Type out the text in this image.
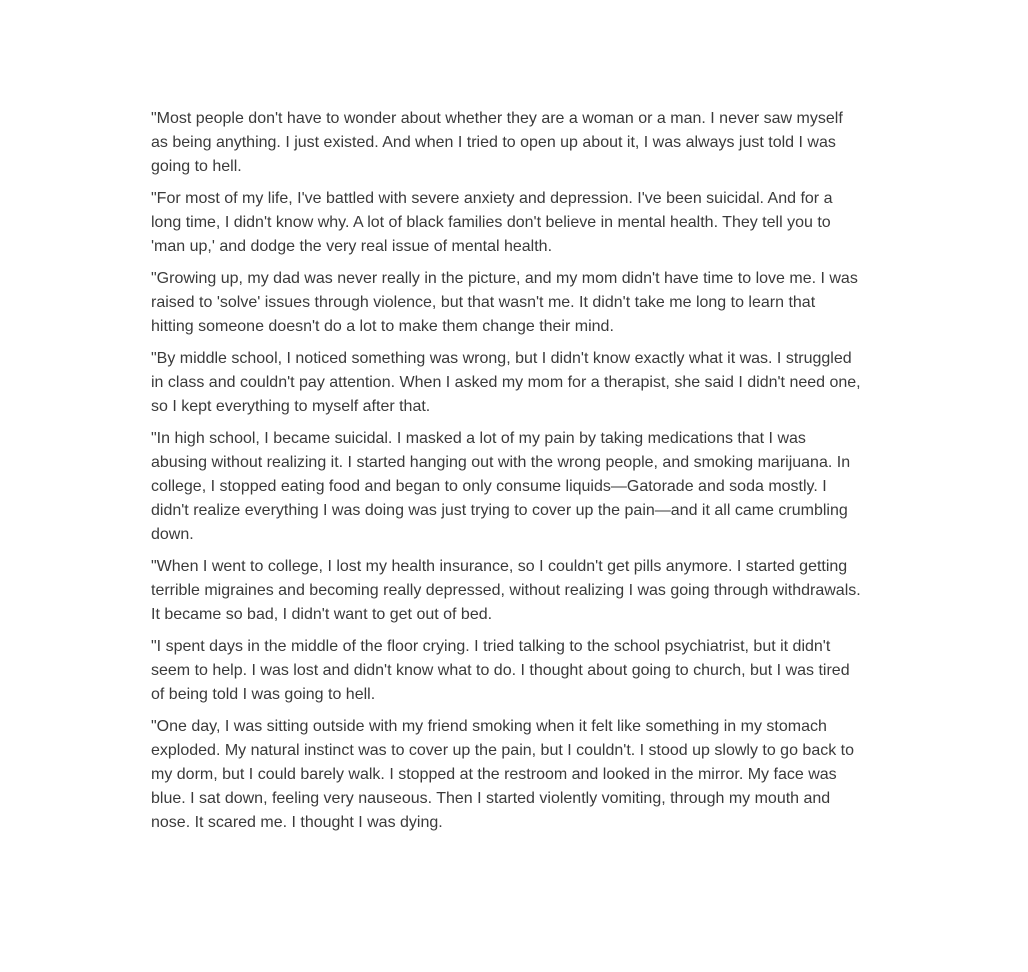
"Most people don't have to wonder about whether they are a woman or a man. I never saw myself as being anything. I just existed. And when I tried to open up about it, I was always just told I was going to hell.

"For most of my life, I've battled with severe anxiety and depression. I've been suicidal. And for a long time, I didn't know why. A lot of black families don't believe in mental health. They tell you to 'man up,' and dodge the very real issue of mental health.

"Growing up, my dad was never really in the picture, and my mom didn't have time to love me. I was raised to 'solve' issues through violence, but that wasn't me. It didn't take me long to learn that hitting someone doesn't do a lot to make them change their mind.

"By middle school, I noticed something was wrong, but I didn't know exactly what it was. I struggled in class and couldn't pay attention. When I asked my mom for a therapist, she said I didn't need one, so I kept everything to myself after that.

"In high school, I became suicidal. I masked a lot of my pain by taking medications that I was abusing without realizing it. I started hanging out with the wrong people, and smoking marijuana. In college, I stopped eating food and began to only consume liquids—Gatorade and soda mostly. I didn't realize everything I was doing was just trying to cover up the pain—and it all came crumbling down.

"When I went to college, I lost my health insurance, so I couldn't get pills anymore. I started getting terrible migraines and becoming really depressed, without realizing I was going through withdrawals. It became so bad, I didn't want to get out of bed.

"I spent days in the middle of the floor crying. I tried talking to the school psychiatrist, but it didn't seem to help. I was lost and didn't know what to do. I thought about going to church, but I was tired of being told I was going to hell.

"One day, I was sitting outside with my friend smoking when it felt like something in my stomach exploded. My natural instinct was to cover up the pain, but I couldn't. I stood up slowly to go back to my dorm, but I could barely walk. I stopped at the restroom and looked in the mirror. My face was blue. I sat down, feeling very nauseous. Then I started violently vomiting, through my mouth and nose. It scared me. I thought I was dying.
